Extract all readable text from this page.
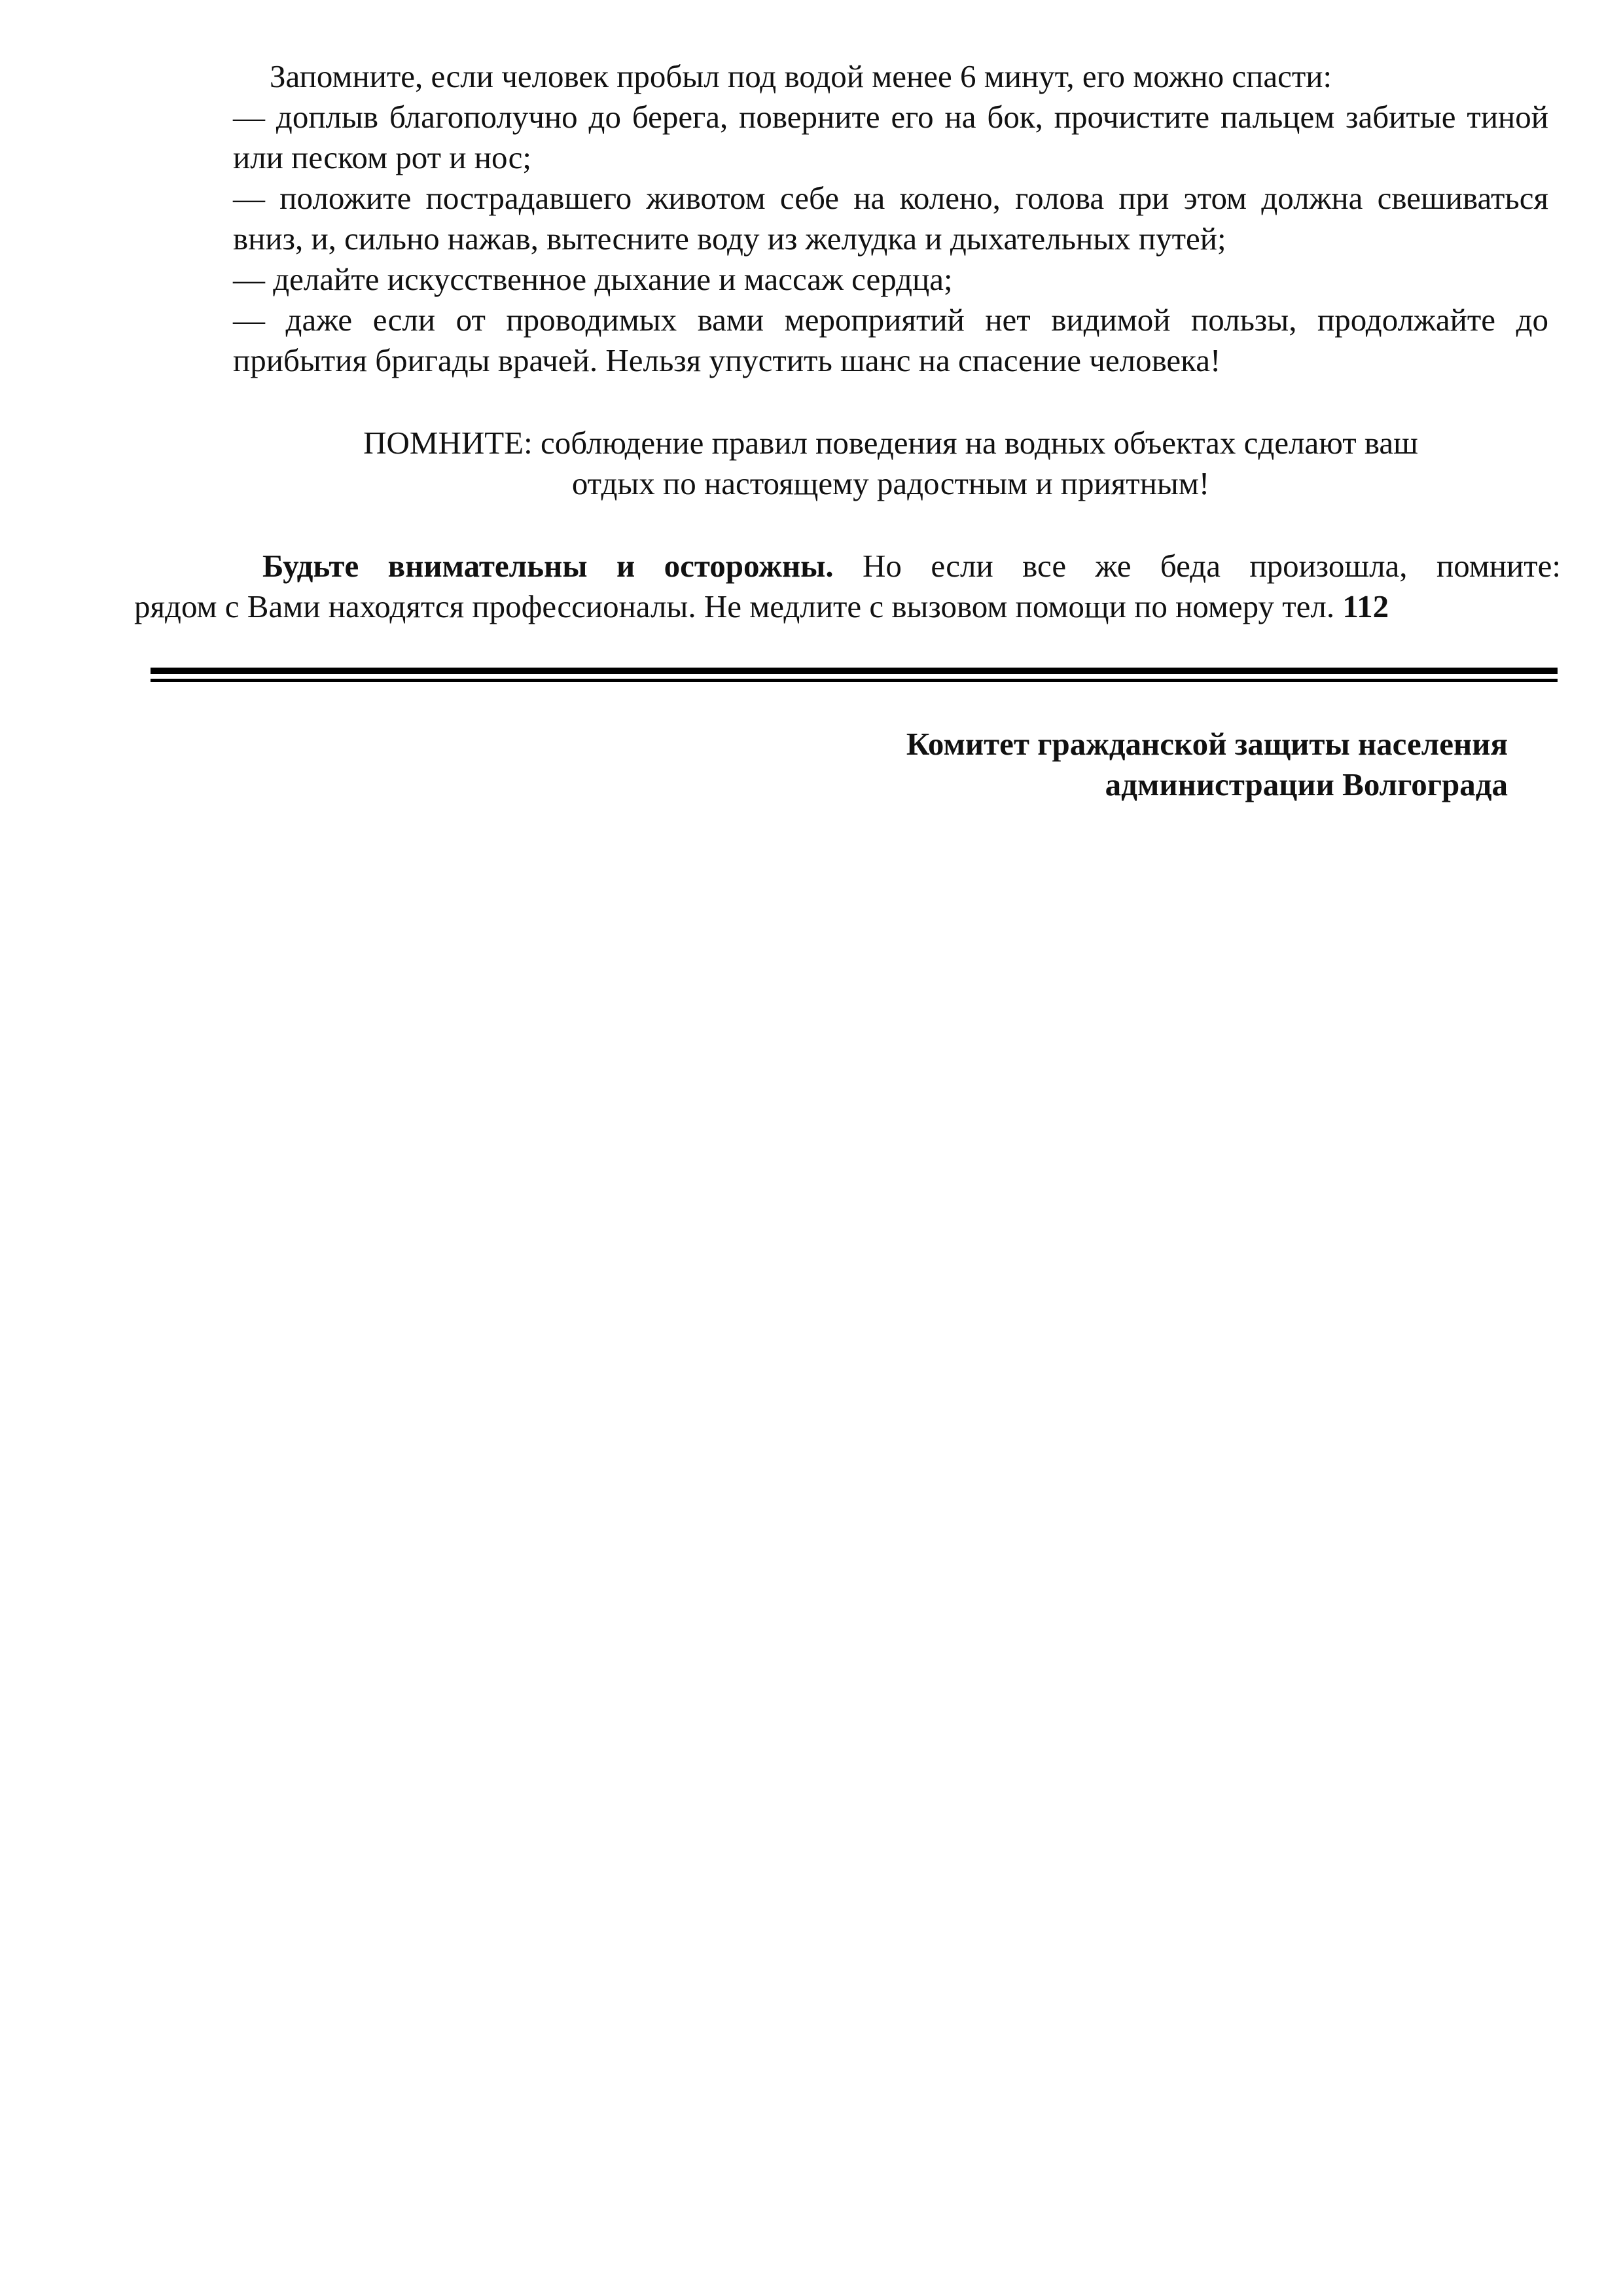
Запомните, если человек пробыл под водой менее 6 минут, его можно спасти:

— доплыв благополучно до берега, поверните его на бок, прочистите пальцем забитые тиной или песком рот и нос;

— положите пострадавшего животом себе на колено, голова при этом должна свешиваться вниз, и, сильно нажав, вытесните воду из желудка и дыхательных путей;

— делайте искусственное дыхание и массаж сердца;

— даже если от проводимых вами мероприятий нет видимой пользы, продолжайте до прибытия бригады врачей. Нельзя упустить шанс на спасение человека!

ПОМНИТЕ: соблюдение правил поведения на водных объектах сделают ваш
отдых по настоящему радостным и приятным!

Будьте внимательны и осторожны. Но если все же беда произошла, помните:
рядом с Вами находятся профессионалы. Не медлите с вызовом помощи по номеру тел. 112

Комитет гражданской защиты населения
администрации Волгограда
